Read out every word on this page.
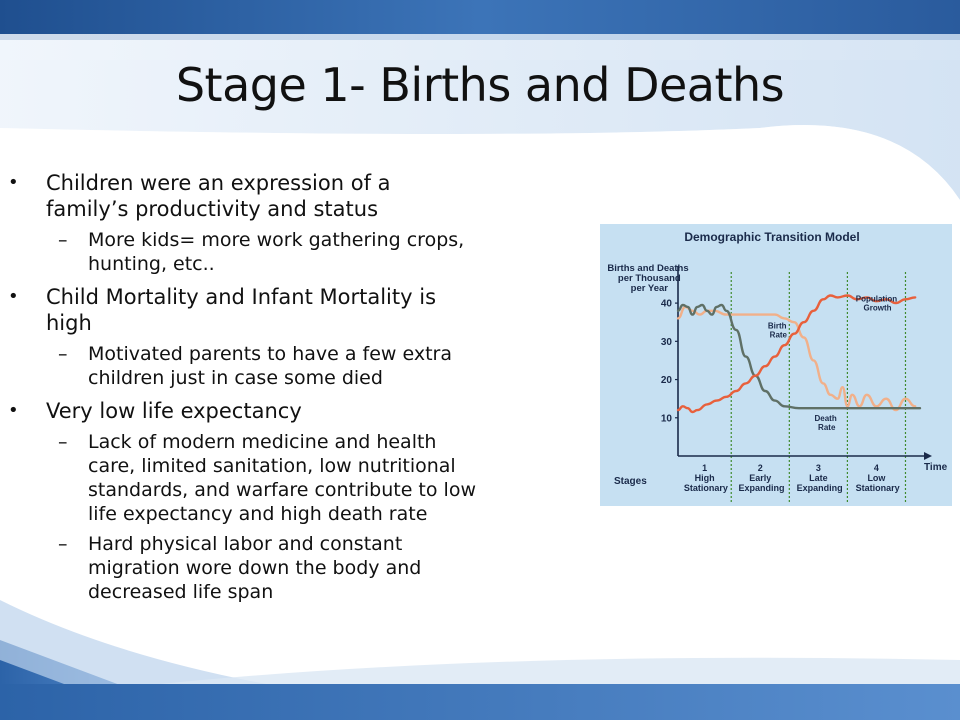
Stage 1- Births and Deaths
• Children were an expression of a family’s productivity and status
– More kids= more work gathering crops, hunting, etc..
• Child Mortality and Infant Mortality is high
– Motivated parents to have a few extra children just in case some died
• Very low life expectancy
– Lack of modern medicine and health care, limited sanitation, low nutritional standards, and warfare contribute to low life expectancy and high death rate
– Hard physical labor and constant migration wore down the body and decreased life span
Demographic Transition Model
Births and Deaths per Thousand per Year
10
20
30
40
Birth Rate
Death Rate
Population Growth
Time
Stages
1
High Stationary
2
Early Expanding
3
Late Expanding
4
Low Stationary
